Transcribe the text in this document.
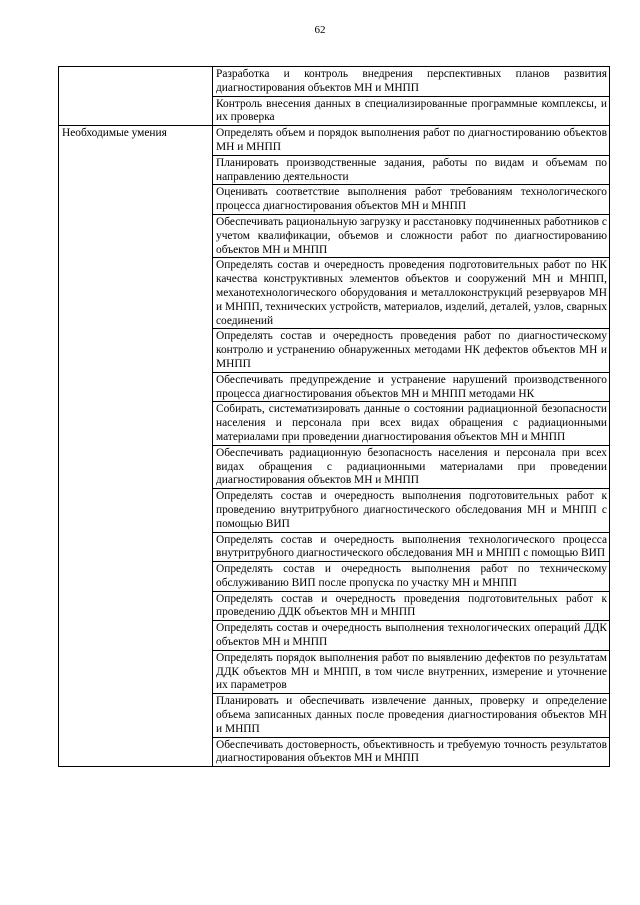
62
	Разработка и контроль внедрения перспективных планов развития диагностирования объектов МН и МНПП
	Контроль внесения данных в специализированные программные комплексы, и их проверка
Необходимые умения	Определять объем и порядок выполнения работ по диагностированию объектов МН и МНПП
	Планировать производственные задания, работы по видам и объемам по направлению деятельности
	Оценивать соответствие выполнения работ требованиям технологического процесса диагностирования объектов МН и МНПП
	Обеспечивать рациональную загрузку и расстановку подчиненных работников с учетом квалификации, объемов и сложности работ по диагностированию объектов МН и МНПП
	Определять состав и очередность проведения подготовительных работ по НК качества конструктивных элементов объектов и сооружений МН и МНПП, механотехнологического оборудования и металлоконструкций резервуаров МН и МНПП, технических устройств, материалов, изделий, деталей, узлов, сварных соединений
	Определять состав и очередность проведения работ по диагностическому контролю и устранению обнаруженных методами НК дефектов объектов МН и МНПП
	Обеспечивать предупреждение и устранение нарушений производственного процесса диагностирования объектов МН и МНПП методами НК
	Собирать, систематизировать данные о состоянии радиационной безопасности населения и персонала при всех видах обращения с радиационными материалами при проведении диагностирования объектов МН и МНПП
	Обеспечивать радиационную безопасность населения и персонала при всех видах обращения с радиационными материалами при проведении диагностирования объектов МН и МНПП
	Определять состав и очередность выполнения подготовительных работ к проведению внутритрубного диагностического обследования МН и МНПП с помощью ВИП
	Определять состав и очередность выполнения технологического процесса внутритрубного диагностического обследования МН и МНПП с помощью ВИП
	Определять состав и очередность выполнения работ по техническому обслуживанию ВИП после пропуска по участку МН и МНПП
	Определять состав и очередность проведения подготовительных работ к проведению ДДК объектов МН и МНПП
	Определять состав и очередность выполнения технологических операций ДДК объектов МН и МНПП
	Определять порядок выполнения работ по выявлению дефектов по результатам ДДК объектов МН и МНПП, в том числе внутренних, измерение и уточнение их параметров
	Планировать и обеспечивать извлечение данных, проверку и определение объема записанных данных после проведения диагностирования объектов МН и МНПП
	Обеспечивать достоверность, объективность и требуемую точность результатов диагностирования объектов МН и МНПП
